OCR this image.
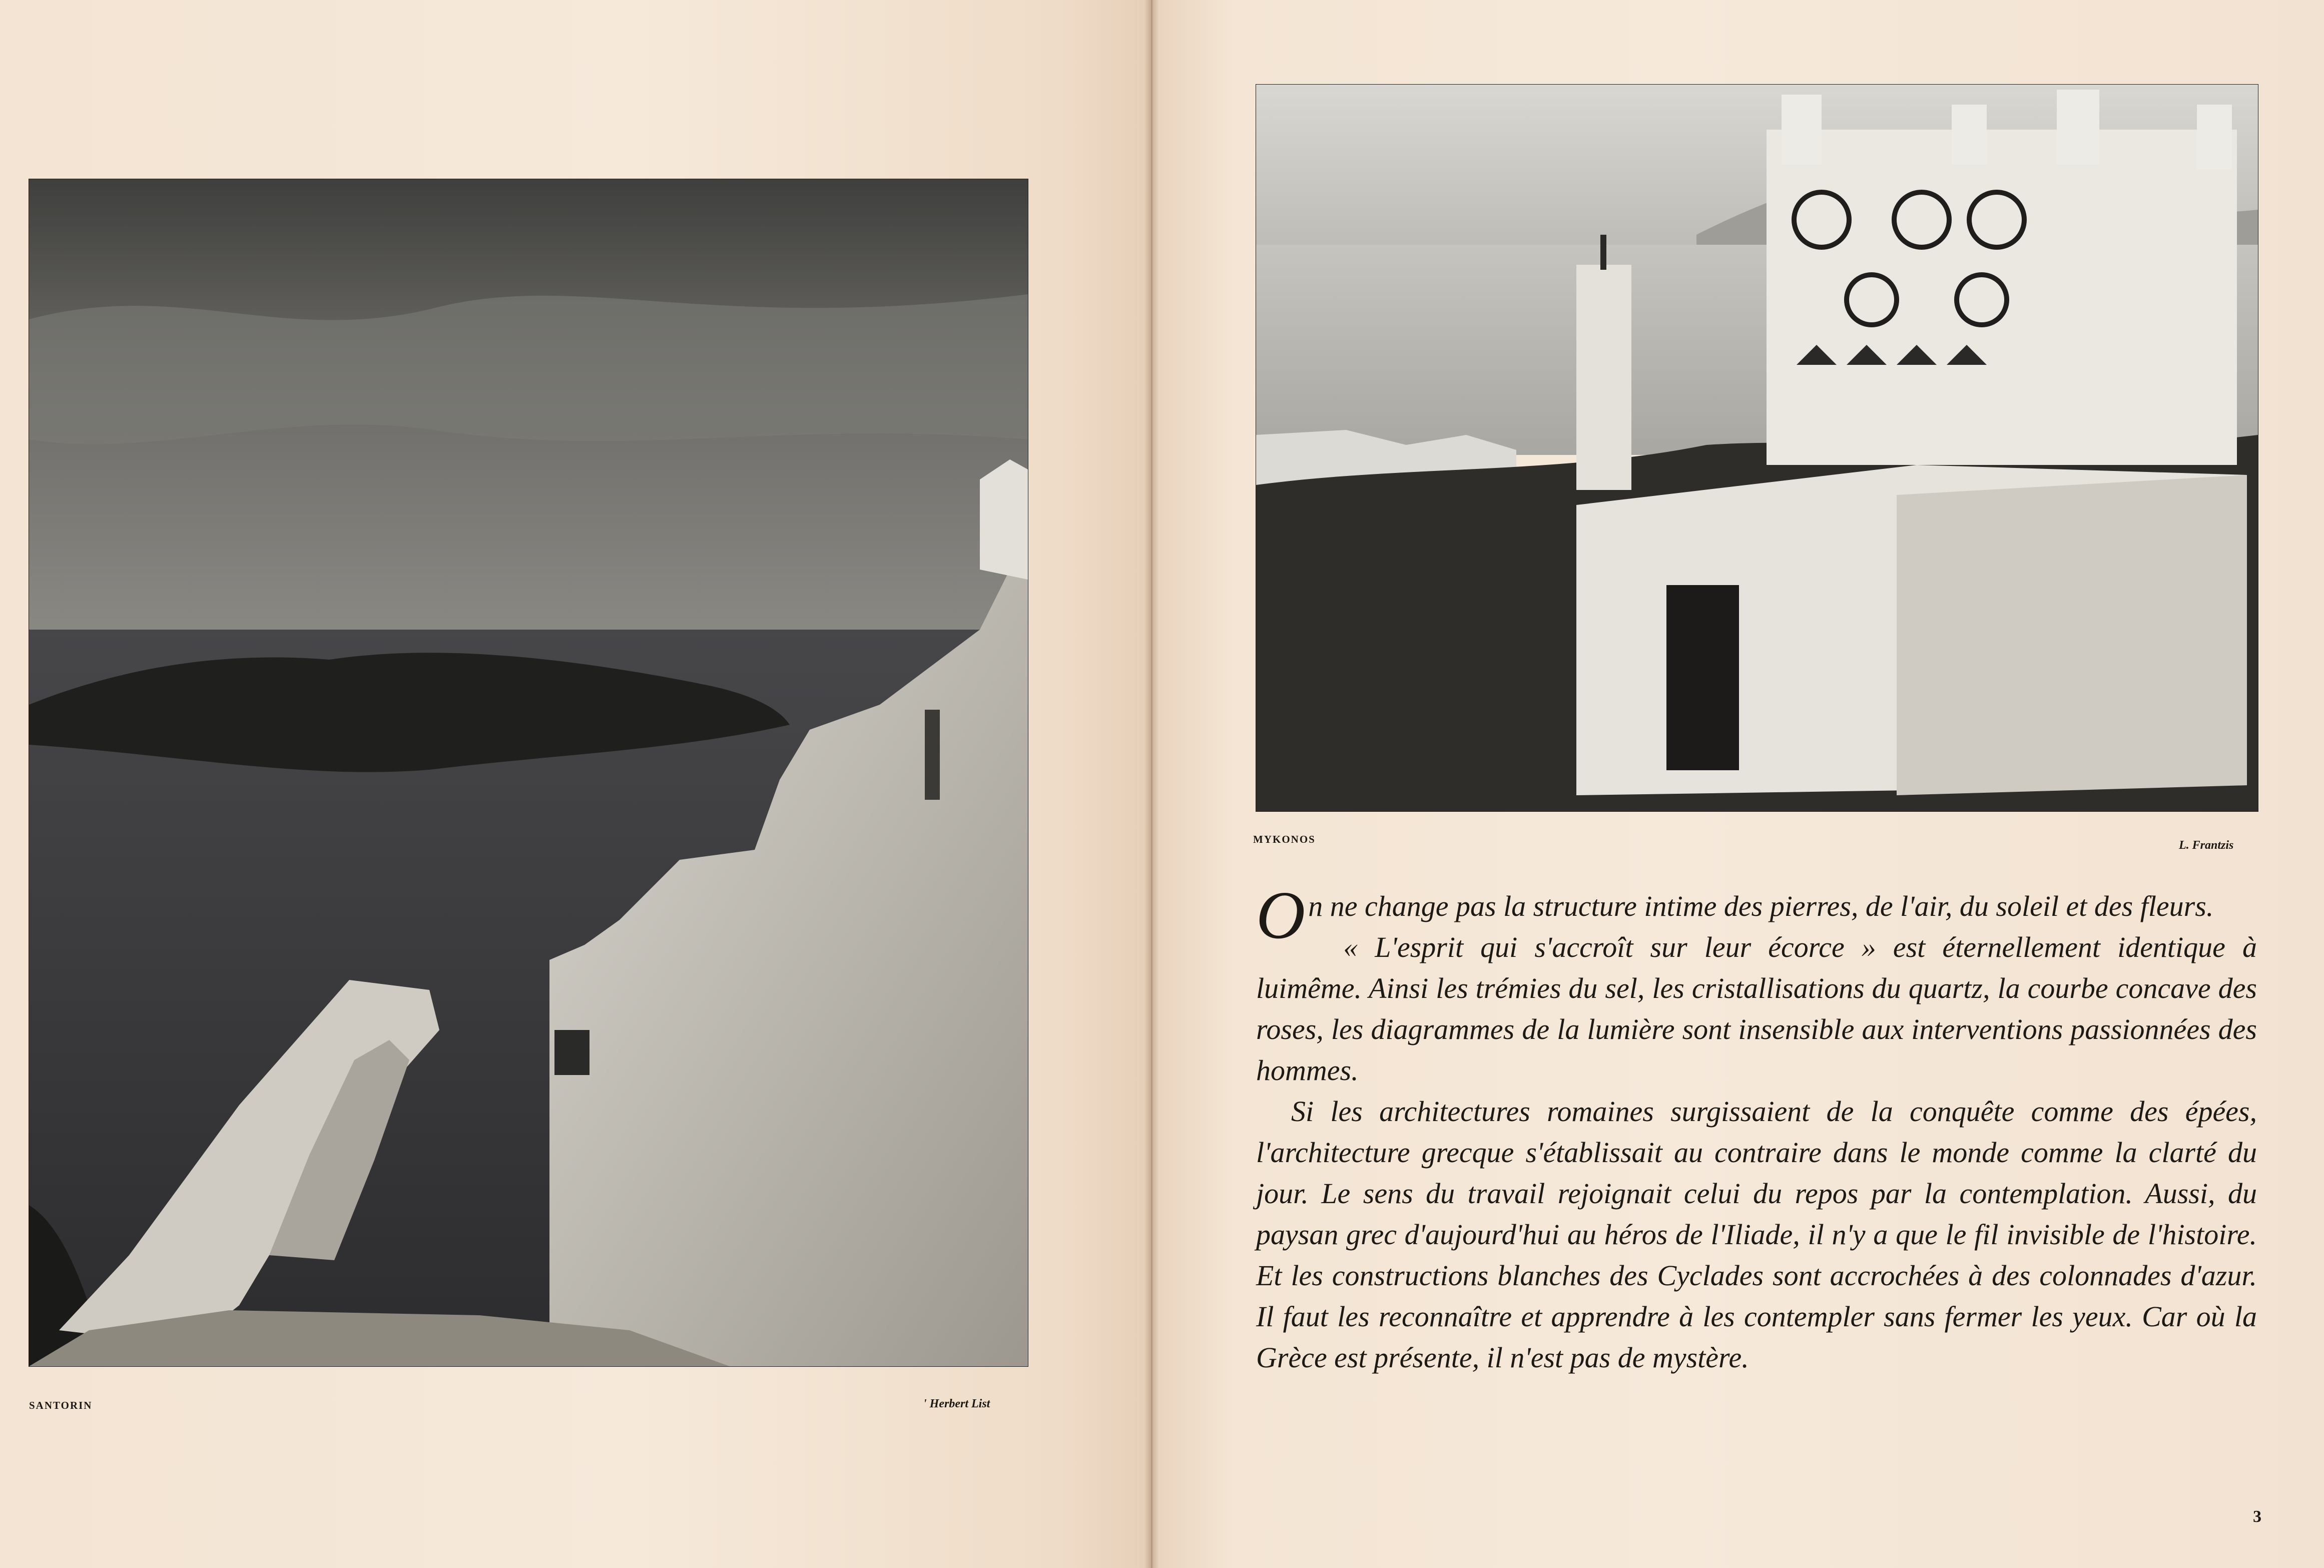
SANTORIN	' Herbert List
MYKONOS	L. Frantzis

On ne change pas la structure intime des pierres, de l'air, du soleil et des fleurs.

« L'esprit qui s'accroît sur leur écorce » est éternellement identique à luimême. Ainsi les trémies du sel, les cristallisations du quartz, la courbe concave des roses, les diagrammes de la lumière sont insensible aux interventions passionnées des hommes.

Si les architectures romaines surgissaient de la conquête comme des épées, l'architecture grecque s'établissait au contraire dans le monde comme la clarté du jour. Le sens du travail rejoignait celui du repos par la contemplation. Aussi, du paysan grec d'aujourd'hui au héros de l'Iliade, il n'y a que le fil invisible de l'histoire. Et les constructions blanches des Cyclades sont accrochées à des colonnades d'azur. Il faut les reconnaître et apprendre à les contempler sans fermer les yeux. Car où la Grèce est présente, il n'est pas de mystère.

3
